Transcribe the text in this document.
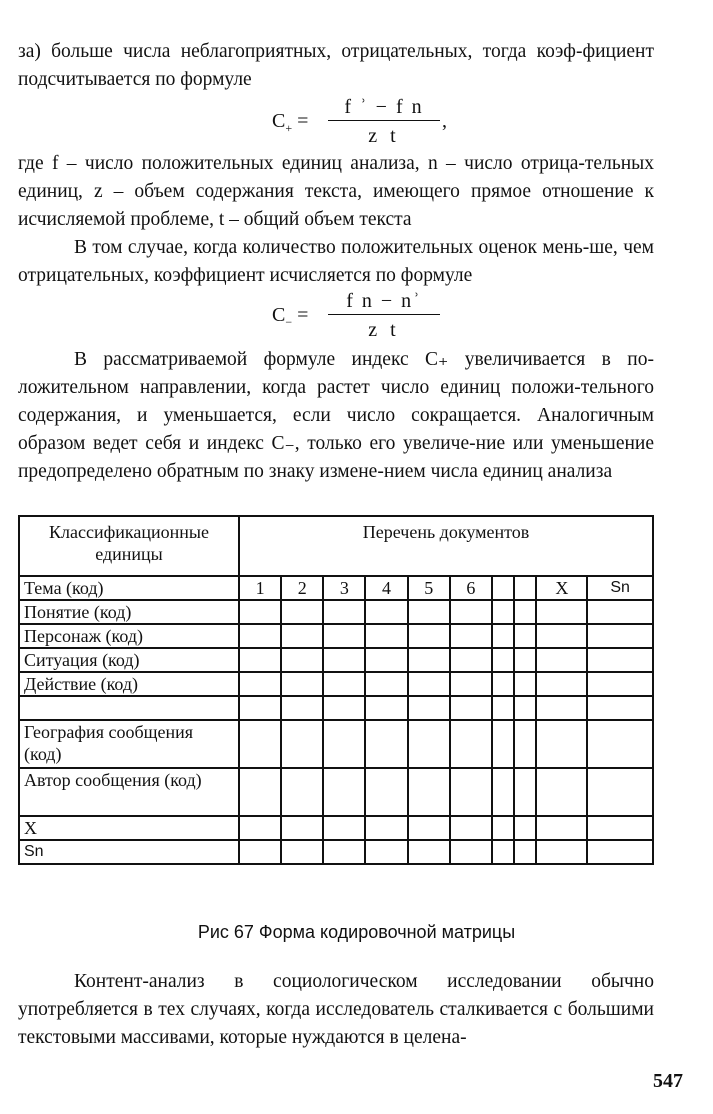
за) больше числа неблагоприятных, отрицательных, тогда коэф-фициент подсчитывается по формуле

$C_+$ =
f ʾ − f n
z t
,

где f – число положительных единиц анализа, n – число отрица-тельных единиц, z – объем содержания текста, имеющего прямое отношение к исчисляемой проблеме, t – общий объем текста

В том случае, когда количество положительных оценок мень-ше, чем отрицательных, коэффициент исчисляется по формуле

$C_-$ =
f n − nʾ
z t

В рассматриваемой формуле индекс C₊ увеличивается в по-ложительном направлении, когда растет число единиц положи-тельного содержания, и уменьшается, если число сокращается. Аналогичным образом ведет себя и индекс C₋, только его увеличе-ние или уменьшение предопределено обратным по знаку измене-нием числа единиц анализа

Классификационные единицы	Перечень документов									
Тема (код)	1	2	3	4	5	6			X	Sn
Понятие (код)										
Персонаж (код)										
Ситуация (код)										
Действие (код)										

География сообщения (код)										
Автор сообщения (код)										
X										
Sn										
Рис 67 Форма кодировочной матрицы

Контент-анализ в социологическом исследовании обычно употребляется в тех случаях, когда исследователь сталкивается с большими текстовыми массивами, которые нуждаются в целена-

547
